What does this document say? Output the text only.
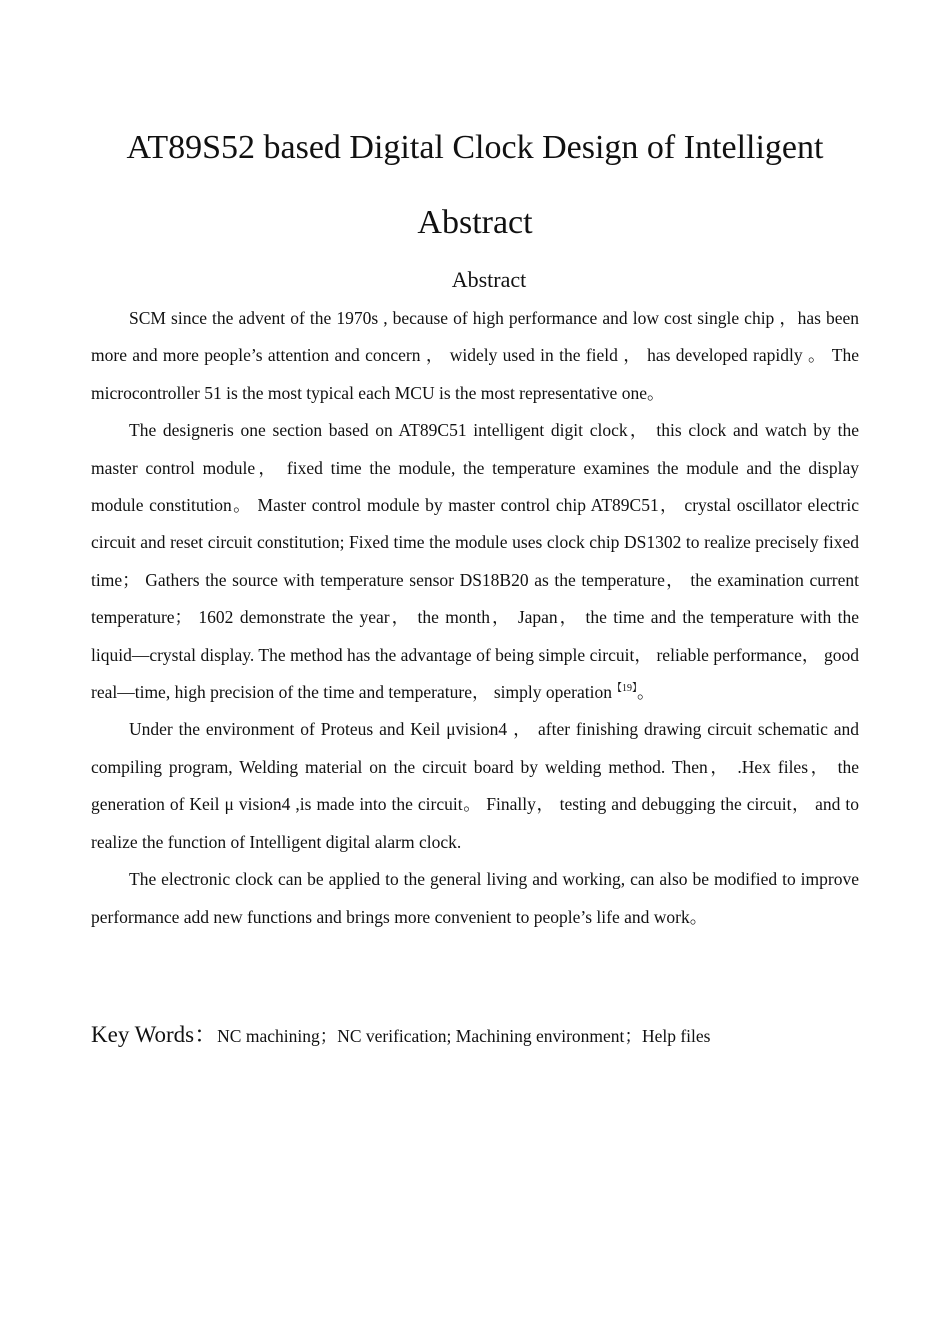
AT89S52 based Digital Clock Design of Intelligent
Abstract
Abstract

SCM since the advent of the 1970s , because of high performance and low cost single chip ，has been more and more people’s attention and concern ， widely used in the field ， has developed rapidly 。 The microcontroller 51 is the most typical each MCU is the most representative one。

The designeris one section based on AT89C51 intelligent digit clock， this clock and watch by the master control module， fixed time the module, the temperature examines the module and the display module constitution。 Master control module by master control chip AT89C51， crystal oscillator electric circuit and reset circuit constitution; Fixed time the module uses clock chip DS1302 to realize precisely fixed time； Gathers the source with temperature sensor DS18B20 as the temperature， the examination current temperature； 1602 demonstrate the year， the month， Japan， the time and the temperature with the liquid—crystal display. The method has the advantage of being simple circuit， reliable performance， good real—time, high precision of the time and temperature， simply operation$^{【19】}$。

Under the environment of Proteus and Keil μvision4 ， after finishing drawing circuit schematic and compiling program, Welding material on the circuit board by welding method. Then， .Hex files， the generation of Keil μ vision4 ,is made into the circuit。 Finally， testing and debugging the circuit， and to realize the function of Intelligent digital alarm clock.

The electronic clock can be applied to the general living and working, can also be modified to improve performance add new functions and brings more convenient to people’s life and work。

Key Words：NC machining；NC verification; Machining environment；Help files
